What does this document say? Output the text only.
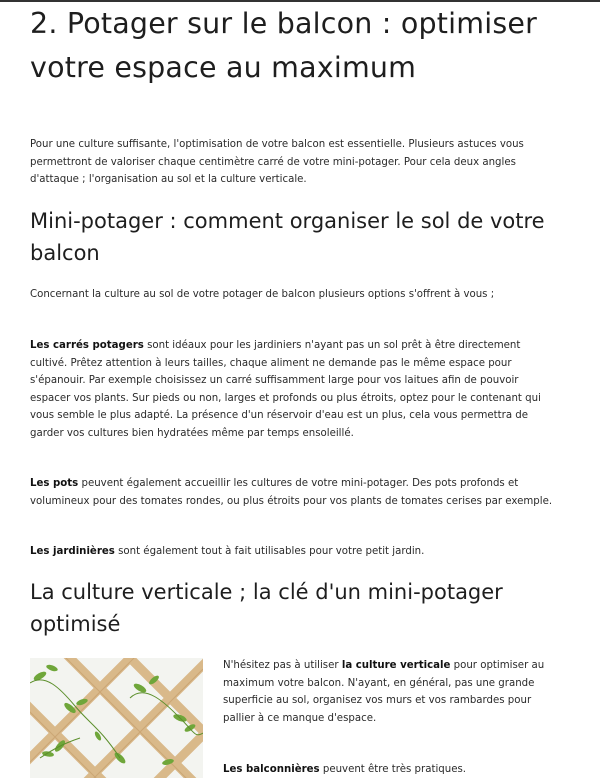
2. Potager sur le balcon : optimiser votre espace au maximum

Pour une culture suffisante, l'optimisation de votre balcon est essentielle. Plusieurs astuces vous permettront de valoriser chaque centimètre carré de votre mini-potager. Pour cela deux angles d'attaque ; l'organisation au sol et la culture verticale.

Mini-potager : comment organiser le sol de votre balcon

Concernant la culture au sol de votre potager de balcon plusieurs options s'offrent à vous ;

Les carrés potagers sont idéaux pour les jardiniers n'ayant pas un sol prêt à être directement cultivé. Prêtez attention à leurs tailles, chaque aliment ne demande pas le même espace pour s'épanouir. Par exemple choisissez un carré suffisamment large pour vos laitues afin de pouvoir espacer vos plants. Sur pieds ou non, larges et profonds ou plus étroits, optez pour le contenant qui vous semble le plus adapté. La présence d'un réservoir d'eau est un plus, cela vous permettra de garder vos cultures bien hydratées même par temps ensoleillé.

Les pots peuvent également accueillir les cultures de votre mini-potager. Des pots profonds et volumineux pour des tomates rondes, ou plus étroits pour vos plants de tomates cerises par exemple.

Les jardinières sont également tout à fait utilisables pour votre petit jardin.

La culture verticale ; la clé d'un mini-potager optimisé

N'hésitez pas à utiliser la culture verticale pour optimiser au maximum votre balcon. N'ayant, en général, pas une grande superficie au sol, organisez vos murs et vos rambardes pour pallier à ce manque d'espace.

Les balconnières peuvent être très pratiques.
